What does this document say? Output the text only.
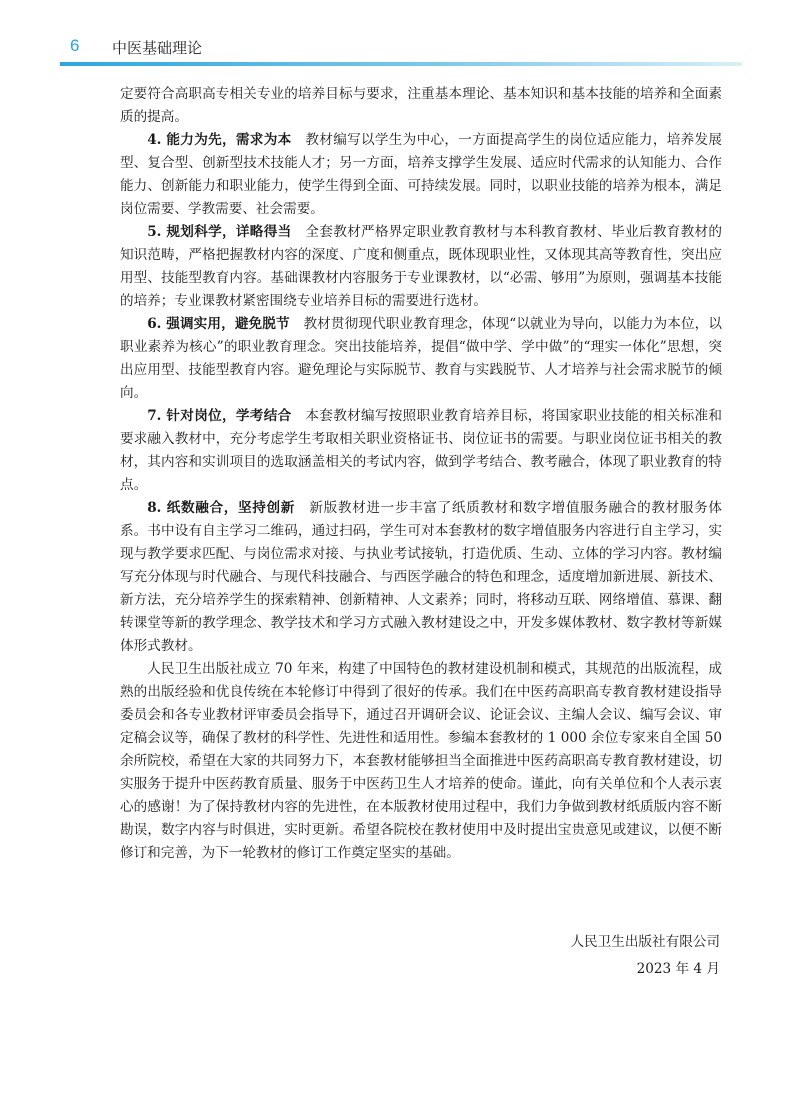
6 中医基础理论

定要符合高职高专相关专业的培养目标与要求，注重基本理论、基本知识和基本技能的培养和全面素质的提高。

4. 能力为先，需求为本　 教材编写以学生为中心，一方面提高学生的岗位适应能力，培养发展型、复合型、创新型技术技能人才；另一方面，培养支撑学生发展、适应时代需求的认知能力、合作能力、创新能力和职业能力，使学生得到全面、可持续发展。同时，以职业技能的培养为根本，满足岗位需要、学教需要、社会需要。

5. 规划科学，详略得当　 全套教材严格界定职业教育教材与本科教育教材、毕业后教育教材的知识范畴，严格把握教材内容的深度、广度和侧重点，既体现职业性，又体现其高等教育性，突出应用型、技能型教育内容。基础课教材内容服务于专业课教材，以“必需、够用”为原则，强调基本技能的培养；专业课教材紧密围绕专业培养目标的需要进行选材。

6. 强调实用，避免脱节　 教材贯彻现代职业教育理念，体现“以就业为导向，以能力为本位，以职业素养为核心”的职业教育理念。突出技能培养，提倡“做中学、学中做”的“理实一体化”思想，突出应用型、技能型教育内容。避免理论与实际脱节、教育与实践脱节、人才培养与社会需求脱节的倾向。

7. 针对岗位，学考结合　 本套教材编写按照职业教育培养目标，将国家职业技能的相关标准和要求融入教材中，充分考虑学生考取相关职业资格证书、岗位证书的需要。与职业岗位证书相关的教材，其内容和实训项目的选取涵盖相关的考试内容，做到学考结合、教考融合，体现了职业教育的特点。

8. 纸数融合，坚持创新　 新版教材进一步丰富了纸质教材和数字增值服务融合的教材服务体系。书中设有自主学习二维码，通过扫码，学生可对本套教材的数字增值服务内容进行自主学习，实现与教学要求匹配、与岗位需求对接、与执业考试接轨，打造优质、生动、立体的学习内容。教材编写充分体现与时代融合、与现代科技融合、与西医学融合的特色和理念，适度增加新进展、新技术、新方法，充分培养学生的探索精神、创新精神、人文素养；同时，将移动互联、网络增值、慕课、翻转课堂等新的教学理念、教学技术和学习方式融入教材建设之中，开发多媒体教材、数字教材等新媒体形式教材。

人民卫生出版社成立 70 年来，构建了中国特色的教材建设机制和模式，其规范的出版流程，成熟的出版经验和优良传统在本轮修订中得到了很好的传承。我们在中医药高职高专教育教材建设指导委员会和各专业教材评审委员会指导下，通过召开调研会议、论证会议、主编人会议、编写会议、审定稿会议等，确保了教材的科学性、先进性和适用性。参编本套教材的 1 000 余位专家来自全国 50 余所院校，希望在大家的共同努力下，本套教材能够担当全面推进中医药高职高专教育教材建设，切实服务于提升中医药教育质量、服务于中医药卫生人才培养的使命。谨此，向有关单位和个人表示衷心的感谢！为了保持教材内容的先进性，在本版教材使用过程中，我们力争做到教材纸质版内容不断勘误，数字内容与时俱进，实时更新。希望各院校在教材使用中及时提出宝贵意见或建议，以便不断修订和完善，为下一轮教材的修订工作奠定坚实的基础。

人民卫生出版社有限公司
2023 年 4 月
